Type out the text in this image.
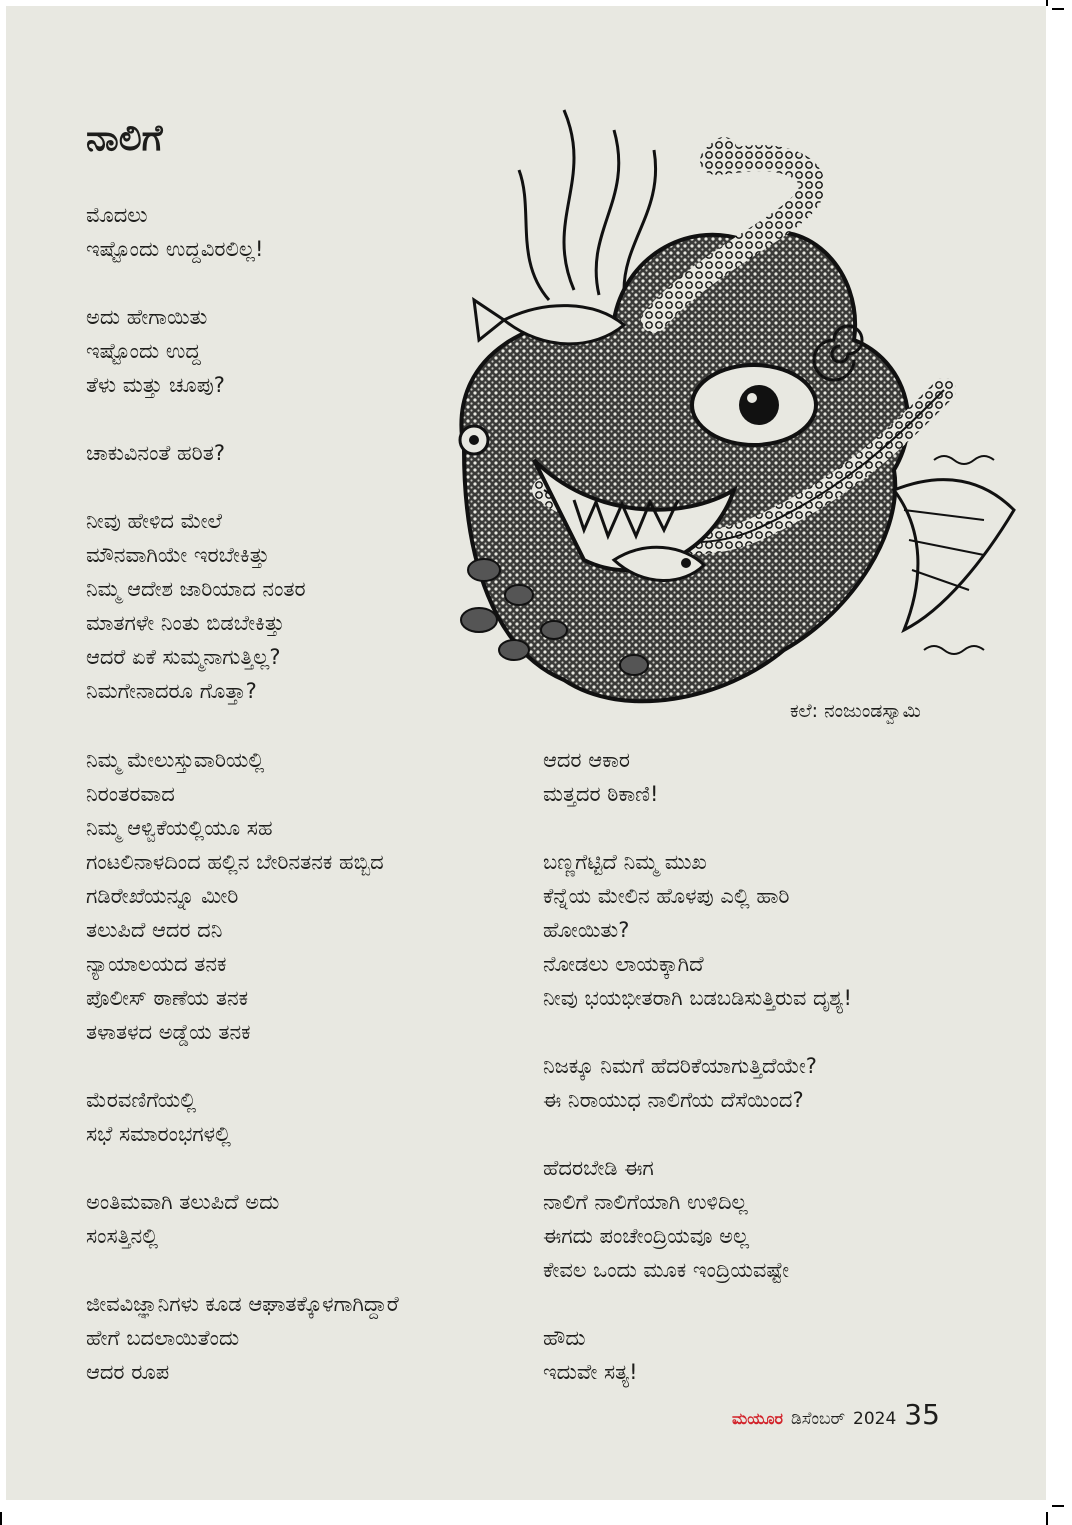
ನಾಲಿಗೆ
ಮೊದಲು
ಇಷ್ಟೊಂದು ಉದ್ದವಿರಲಿಲ್ಲ!
ಅದು ಹೇಗಾಯಿತು
ಇಷ್ಟೊಂದು ಉದ್ದ
ತೆಳು ಮತ್ತು ಚೂಪು?
ಚಾಕುವಿನಂತೆ ಹರಿತ?
ನೀವು ಹೇಳಿದ ಮೇಲೆ
ಮೌನವಾಗಿಯೇ ಇರಬೇಕಿತ್ತು
ನಿಮ್ಮ ಆದೇಶ ಜಾರಿಯಾದ ನಂತರ
ಮಾತಗಳೇ ನಿಂತು ಬಿಡಬೇಕಿತ್ತು
ಆದರೆ ಏಕೆ ಸುಮ್ಮನಾಗುತ್ತಿಲ್ಲ?
ನಿಮಗೇನಾದರೂ ಗೊತ್ತಾ?
ನಿಮ್ಮ ಮೇಲುಸ್ತುವಾರಿಯಲ್ಲಿ
ನಿರಂತರವಾದ
ನಿಮ್ಮ ಆಳ್ವಿಕೆಯಲ್ಲಿಯೂ ಸಹ
ಗಂಟಲಿನಾಳದಿಂದ ಹಲ್ಲಿನ ಬೇರಿನತನಕ ಹಬ್ಬಿದ
ಗಡಿರೇಖೆಯನ್ನೂ ಮೀರಿ
ತಲುಪಿದೆ ಆದರ ದನಿ
ನ್ಯಾಯಾಲಯದ ತನಕ
ಪೊಲೀಸ್ ಠಾಣೆಯ ತನಕ
ತಳಾತಳದ ಅಡ್ಡೆಯ ತನಕ
ಮೆರವಣಿಗೆಯಲ್ಲಿ
ಸಭೆ ಸಮಾರಂಭಗಳಲ್ಲಿ
ಅಂತಿಮವಾಗಿ ತಲುಪಿದೆ ಅದು
ಸಂಸತ್ತಿನಲ್ಲಿ
ಜೀವವಿಜ್ಞಾನಿಗಳು ಕೂಡ ಆಘಾತಕ್ಕೊಳಗಾಗಿದ್ದಾರೆ
ಹೇಗೆ ಬದಲಾಯಿತೆಂದು
ಆದರ ರೂಪ
ಆದರ ಆಕಾರ
ಮತ್ತದರ ಠಿಕಾಣಿ!
ಬಣ್ಣಗೆಟ್ಟಿದೆ ನಿಮ್ಮ ಮುಖ
ಕೆನ್ನೆಯ ಮೇಲಿನ ಹೊಳಪು ಎಲ್ಲಿ ಹಾರಿ
ಹೋಯಿತು?
ನೋಡಲು ಲಾಯಕ್ಕಾಗಿದೆ
ನೀವು ಭಯಭೀತರಾಗಿ ಬಡಬಡಿಸುತ್ತಿರುವ ದೃಶ್ಯ!
ನಿಜಕ್ಕೂ ನಿಮಗೆ ಹೆದರಿಕೆಯಾಗುತ್ತಿದೆಯೇ?
ಈ ನಿರಾಯುಧ ನಾಲಿಗೆಯ ದೆಸೆಯಿಂದ?
ಹೆದರಬೇಡಿ ಈಗ
ನಾಲಿಗೆ ನಾಲಿಗೆಯಾಗಿ ಉಳಿದಿಲ್ಲ
ಈಗದು ಪಂಚೇಂದ್ರಿಯವೂ ಅಲ್ಲ
ಕೇವಲ ಒಂದು ಮೂಕ ಇಂದ್ರಿಯವಷ್ಟೇ
ಹೌದು
ಇದುವೇ ಸತ್ಯ!
ಕಲೆ: ನಂಜುಂಡಸ್ವಾಮಿ
ಮಯೂರ ಡಿಸೆಂಬರ್ 2024 35
